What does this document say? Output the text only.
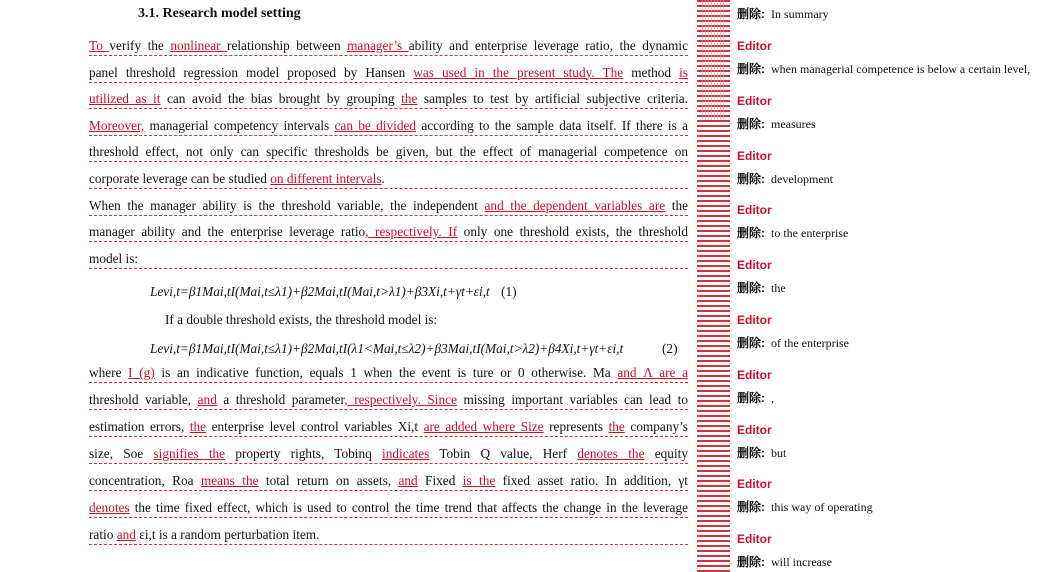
3.1. Research model setting
To verify the nonlinear relationship between manager’s ability and enterprise leverage ratio, the dynamic
panel threshold regression model proposed by Hansen was used in the present study. The method is
utilized as it can avoid the bias brought by grouping the samples to test by artificial subjective criteria.
Moreover, managerial competency intervals can be divided according to the sample data itself. If there is a
threshold effect, not only can specific thresholds be given, but the effect of managerial competence on
corporate leverage can be studied on different intervals.
When the manager ability is the threshold variable, the independent and the dependent variables are the
manager ability and the enterprise leverage ratio, respectively. If only one threshold exists, the threshold
model is:
Levi,t=β1Mai,tI(Mai,t≤λ1)+β2Mai,tI(Mai,t>λ1)+β3Xi,t+γt+εi,t (1)
If a double threshold exists, the threshold model is:
Levi,t=β1Mai,tI(Mai,t≤λ1)+β2Mai,tI(λ1<Mai,t≤λ2)+β3Mai,tI(Mai,t>λ2)+β4Xi,t+γt+εi,t	(2)
where I (g) is an indicative function, equals 1 when the event is ture or 0 otherwise. Ma and Λ are a
threshold variable, and a threshold parameter, respectively. Since missing important variables can lead to
estimation errors, the enterprise level control variables Xi,t are added where Size represents the company’s
size, Soe signifies the property rights, Tobinq indicates Tobin Q value, Herf denotes the equity
concentration, Roa means the total return on assets, and Fixed is the fixed asset ratio. In addition, γt
denotes the time fixed effect, which is used to control the time trend that affects the change in the leverage
ratio and εi,t is a random perturbation item.
删除: In summary
Editor
删除: when managerial competence is below a certain level,
Editor
删除: measures
Editor
删除: development
Editor
删除: to the enterprise
Editor
删除: the
Editor
删除: of the enterprise
Editor
删除: ,
Editor
删除: but
Editor
删除: this way of operating
Editor
删除: will increase
